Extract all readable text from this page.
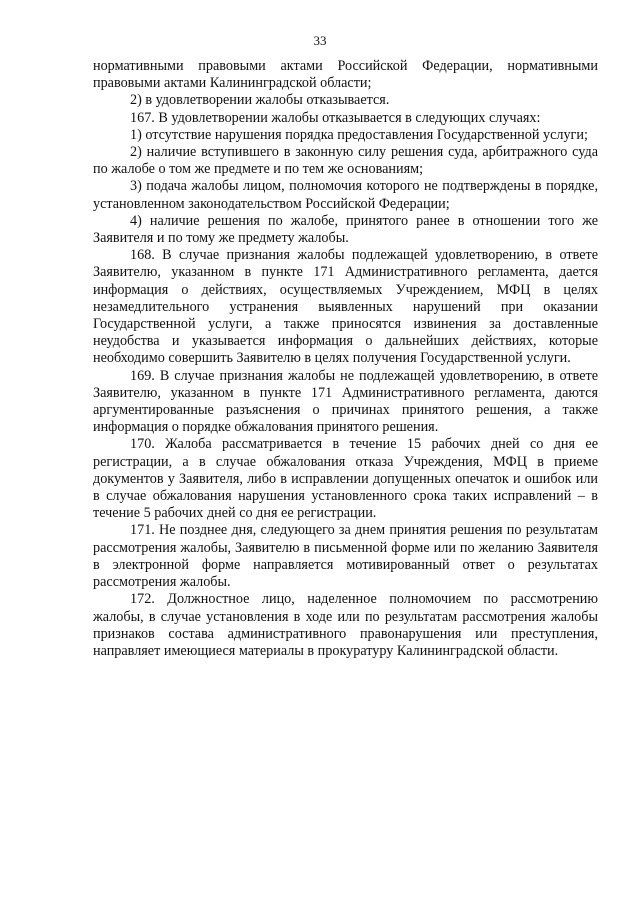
33

нормативными правовыми актами Российской Федерации, нормативными правовыми актами Калининградской области;

2) в удовлетворении жалобы отказывается.

167. В удовлетворении жалобы отказывается в следующих случаях:

1) отсутствие нарушения порядка предоставления Государственной услуги;

2) наличие вступившего в законную силу решения суда, арбитражного суда по жалобе о том же предмете и по тем же основаниям;

3) подача жалобы лицом, полномочия которого не подтверждены в порядке, установленном законодательством Российской Федерации;

4) наличие решения по жалобе, принятого ранее в отношении того же Заявителя и по тому же предмету жалобы.

168. В случае признания жалобы подлежащей удовлетворению, в ответе Заявителю, указанном в пункте 171 Административного регламента, дается информация о действиях, осуществляемых Учреждением, МФЦ в целях незамедлительного устранения выявленных нарушений при оказании Государственной услуги, а также приносятся извинения за доставленные неудобства и указывается информация о дальнейших действиях, которые необходимо совершить Заявителю в целях получения Государственной услуги.

169. В случае признания жалобы не подлежащей удовлетворению, в ответе Заявителю, указанном в пункте 171 Административного регламента, даются аргументированные разъяснения о причинах принятого решения, а также информация о порядке обжалования принятого решения.

170. Жалоба рассматривается в течение 15 рабочих дней со дня ее регистрации, а в случае обжалования отказа Учреждения, МФЦ в приеме документов у Заявителя, либо в исправлении допущенных опечаток и ошибок или в случае обжалования нарушения установленного срока таких исправлений – в течение 5 рабочих дней со дня ее регистрации.

171. Не позднее дня, следующего за днем принятия решения по результатам рассмотрения жалобы, Заявителю в письменной форме или по желанию Заявителя в электронной форме направляется мотивированный ответ о результатах рассмотрения жалобы.

172. Должностное лицо, наделенное полномочием по рассмотрению жалобы, в случае установления в ходе или по результатам рассмотрения жалобы признаков состава административного правонарушения или преступления, направляет имеющиеся материалы в прокуратуру Калининградской области.
